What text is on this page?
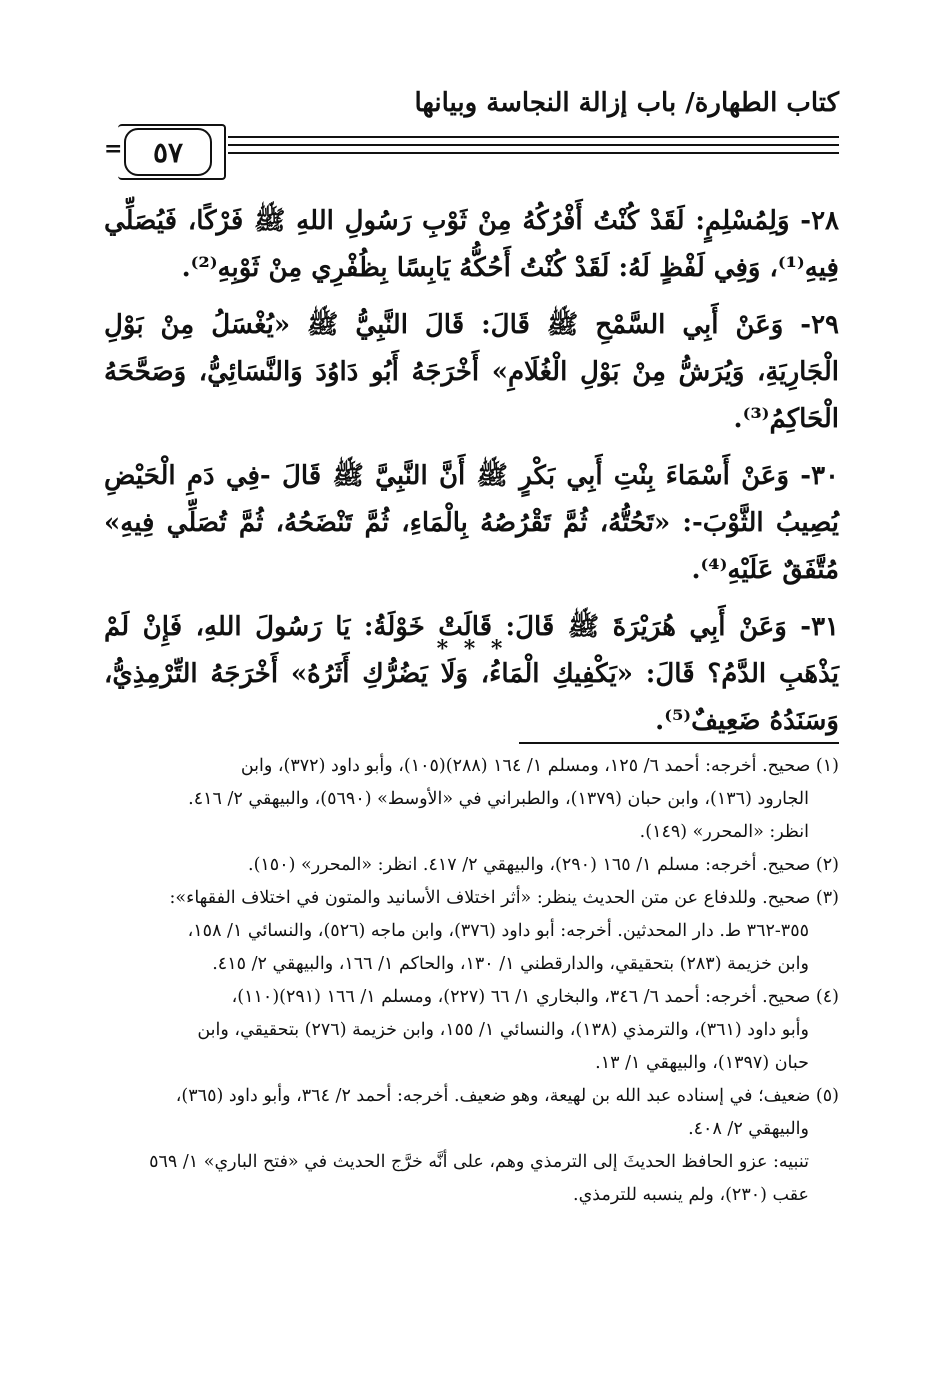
كتاب الطهارة/ باب إزالة النجاسة وبيانها
٥٧
=

٢٨- وَلِمُسْلِمٍ: لَقَدْ كُنْتُ أَفْرُكُهُ مِنْ ثَوْبِ رَسُولِ اللهِ ﷺ فَرْكًا، فَيُصَلِّي فِيهِ⁽¹⁾، وَفِي لَفْظٍ لَهُ: لَقَدْ كُنْتُ أَحُكُّهُ يَابِسًا بِظُفْرِي مِنْ ثَوْبِهِ⁽²⁾.

٢٩- وَعَنْ أَبِي السَّمْحِ ﷺ قَالَ: قَالَ النَّبِيُّ ﷺ «يُغْسَلُ مِنْ بَوْلِ الْجَارِيَةِ، وَيُرَشُّ مِنْ بَوْلِ الْغُلَامِ» أَخْرَجَهُ أَبُو دَاوُدَ وَالنَّسَائِيُّ، وَصَحَّحَهُ الْحَاكِمُ⁽³⁾.

٣٠- وَعَنْ أَسْمَاءَ بِنْتِ أَبِي بَكْرٍ ﷺ أَنَّ النَّبِيَّ ﷺ قَالَ -فِي دَمِ الْحَيْضِ يُصِيبُ الثَّوْبَ-: «تَحُتُّهُ، ثُمَّ تَقْرُصُهُ بِالْمَاءِ، ثُمَّ تَنْضَحُهُ، ثُمَّ تُصَلِّي فِيهِ» مُتَّفَقٌ عَلَيْهِ⁽⁴⁾.

٣١- وَعَنْ أَبِي هُرَيْرَةَ ﷺ قَالَ: قَالَتْ خَوْلَةُ: يَا رَسُولَ اللهِ، فَإِنْ لَمْ يَذْهَبِ الدَّمُ؟ قَالَ: «يَكْفِيكِ الْمَاءُ، وَلَا يَضُرُّكِ أَثَرُهُ» أَخْرَجَهُ التِّرْمِذِيُّ، وَسَنَدُهُ ضَعِيفٌ⁽⁵⁾.

* * *
(١) صحيح. أخرجه: أحمد ٦/ ١٢٥، ومسلم ١/ ١٦٤ (٢٨٨)(١٠٥)، وأبو داود (٣٧٢)، وابن
الجارود (١٣٦)، وابن حبان (١٣٧٩)، والطبراني في «الأوسط» (٥٦٩٠)، والبيهقي ٢/ ٤١٦.
انظر: «المحرر» (١٤٩).
(٢) صحيح. أخرجه: مسلم ١/ ١٦٥ (٢٩٠)، والبيهقي ٢/ ٤١٧. انظر: «المحرر» (١٥٠).
(٣) صحيح. وللدفاع عن متن الحديث ينظر: «أثر اختلاف الأسانيد والمتون في اختلاف الفقهاء»:
٣٥٥-٣٦٢ ط. دار المحدثين. أخرجه: أبو داود (٣٧٦)، وابن ماجه (٥٢٦)، والنسائي ١/ ١٥٨،
وابن خزيمة (٢٨٣) بتحقيقي، والدارقطني ١/ ١٣٠، والحاكم ١/ ١٦٦، والبيهقي ٢/ ٤١٥.
(٤) صحيح. أخرجه: أحمد ٦/ ٣٤٦، والبخاري ١/ ٦٦ (٢٢٧)، ومسلم ١/ ١٦٦ (٢٩١)(١١٠)،
وأبو داود (٣٦١)، والترمذي (١٣٨)، والنسائي ١/ ١٥٥، وابن خزيمة (٢٧٦) بتحقيقي، وابن
حبان (١٣٩٧)، والبيهقي ١/ ١٣.
(٥) ضعيف؛ في إسناده عبد الله بن لهيعة، وهو ضعيف. أخرجه: أحمد ٢/ ٣٦٤، وأبو داود (٣٦٥)،
والبيهقي ٢/ ٤٠٨.
تنبيه: عزو الحافظ الحديثَ إلى الترمذي وهم، على أنَّه خرَّج الحديث في «فتح الباري» ١/ ٥٦٩
عقب (٢٣٠)، ولم ينسبه للترمذي.
